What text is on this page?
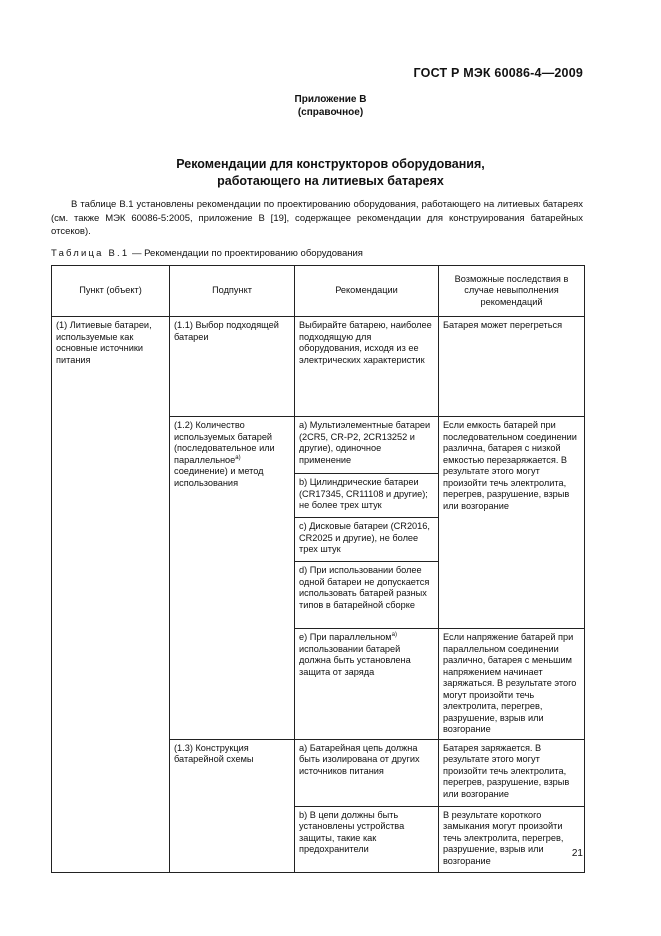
ГОСТ Р МЭК 60086-4—2009
Приложение В
(справочное)
Рекомендации для конструкторов оборудования,
работающего на литиевых батареях
В таблице В.1 установлены рекомендации по проектированию оборудования, работающего на литиевых батареях (см. также МЭК 60086-5:2005, приложение В [19], содержащее рекомендации для конструирования батарейных отсеков).
Таблица В.1 — Рекомендации по проектированию оборудования
Пункт (объект)	Подпункт	Рекомендации	Возможные последствия в случае невыполнения рекомендаций
(1) Литиевые батареи, используемые как основные источники питания	(1.1) Выбор подходящей батареи	Выбирайте батарею, наиболее подходящую для оборудования, исходя из ее электрических характеристик	Батарея может перегреться
	(1.2) Количество используемых батарей (последовательное или параллельное$^{а)}$ соединение) и метод использования	а) Мультиэлементные батареи (2CR5, CR-P2, 2CR13252 и другие), одиночное применение	Если емкость батарей при последовательном соединении различна, батарея с низкой емкостью перезаряжается. В результате этого могут произойти течь электролита, перегрев, разрушение, взрыв или возгорание
		b) Цилиндрические батареи (CR17345, CR11108 и другие); не более трех штук	
		с) Дисковые батареи (CR2016, CR2025 и другие), не более трех штук	
		d) При использовании более одной батареи не допускается использовать батарей разных типов в батарейной сборке	
		е) При параллельном$^{а)}$ использовании батарей должна быть установлена защита от заряда	Если напряжение батарей при параллельном соединении различно, батарея с меньшим напряжением начинает заряжаться. В результате этого могут произойти течь электролита, перегрев, разрушение, взрыв или возгорание
	(1.3) Конструкция батарейной схемы	а) Батарейная цепь должна быть изолирована от других источников питания	Батарея заряжается. В результате этого могут произойти течь электролита, перегрев, разрушение, взрыв или возгорание
		b) В цепи должны быть установлены устройства защиты, такие как предохранители	В результате короткого замыкания могут произойти течь электролита, перегрев, разрушение, взрыв или возгорание
21
